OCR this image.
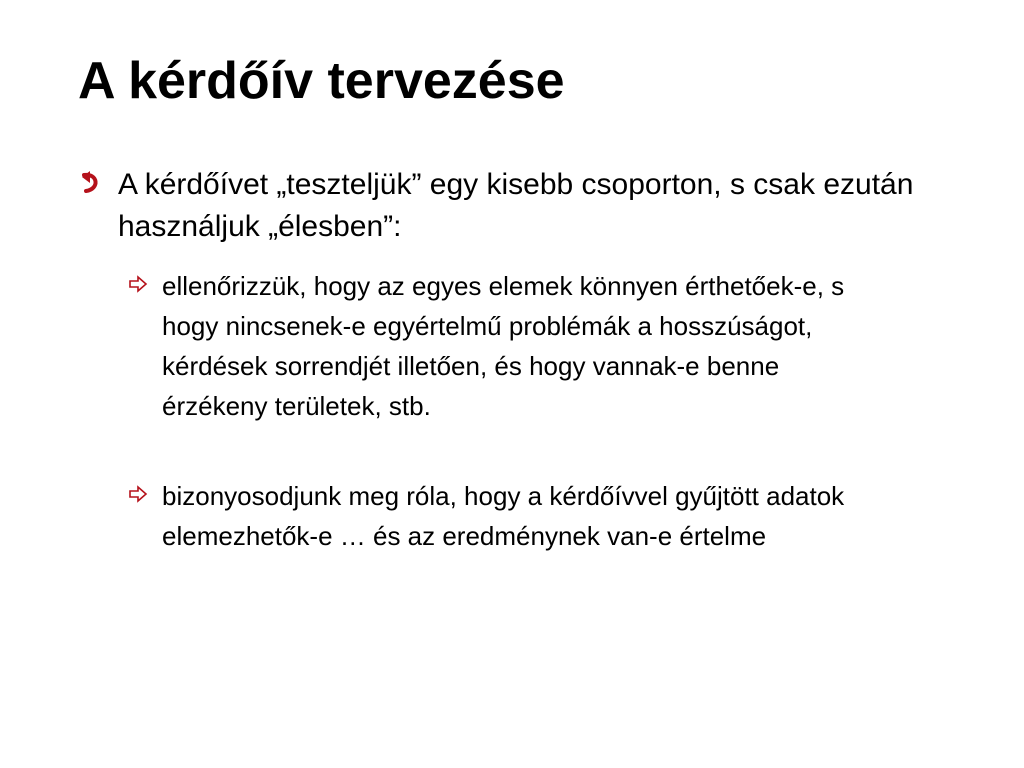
A kérdőív tervezése
A kérdőívet „teszteljük” egy kisebb csoporton, s csak ezután használjuk „élesben”:
ellenőrizzük, hogy az egyes elemek könnyen érthetőek-e, s hogy nincsenek-e egyértelmű problémák a hosszúságot, kérdések sorrendjét illetően, és hogy vannak-e benne érzékeny területek, stb.
bizonyosodjunk meg róla, hogy a kérdőívvel gyűjtött adatok elemezhetők-e … és az eredménynek van-e értelme
